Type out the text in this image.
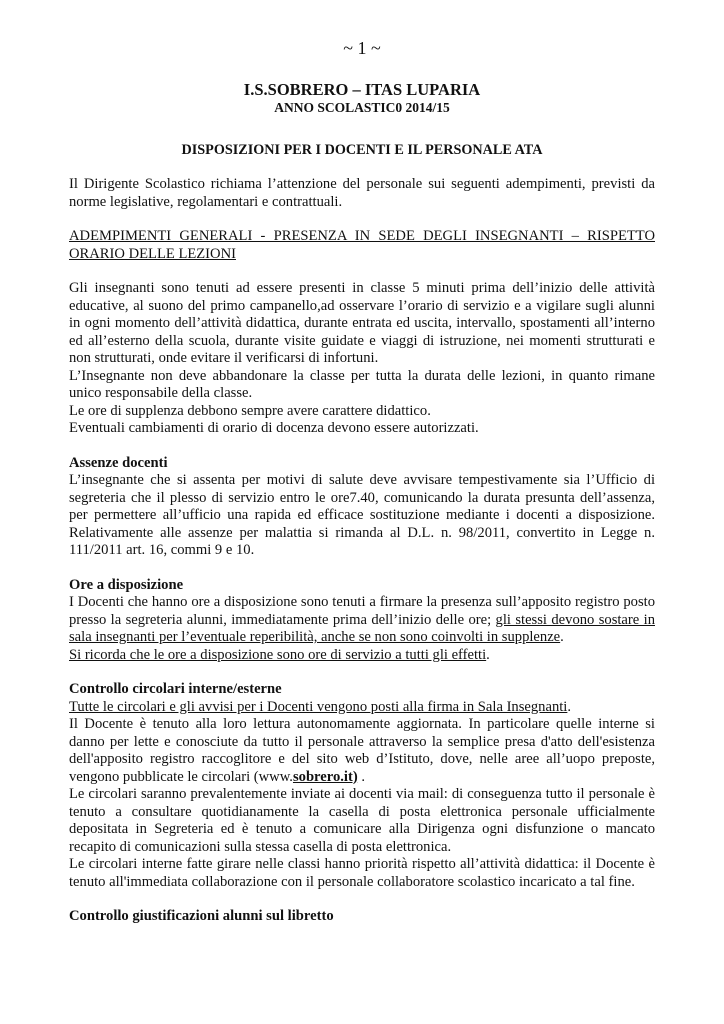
~ 1 ~
I.S.SOBRERO – ITAS LUPARIA
ANNO SCOLASTIC0 2014/15
DISPOSIZIONI PER I DOCENTI E IL PERSONALE ATA

Il Dirigente Scolastico richiama l’attenzione del personale sui seguenti adempimenti, previsti da norme legislative, regolamentari e contrattuali.

ADEMPIMENTI GENERALI - PRESENZA IN SEDE DEGLI INSEGNANTI – RISPETTO

ORARIO DELLE LEZIONI

Gli insegnanti sono tenuti ad essere presenti in classe 5 minuti prima dell’inizio delle attività educative, al suono del primo campanello,ad osservare l’orario di servizio e a vigilare sugli alunni in ogni momento dell’attività didattica, durante entrata ed uscita, intervallo, spostamenti all’interno ed all’esterno della scuola, durante visite guidate e viaggi di istruzione, nei momenti strutturati e non strutturati, onde evitare il verificarsi di infortuni.

L’Insegnante non deve abbandonare la classe per tutta la durata delle lezioni, in quanto rimane unico responsabile della classe.

Le ore di supplenza debbono sempre avere carattere didattico.

Eventuali cambiamenti di orario di docenza devono essere autorizzati.

Assenze docenti

L’insegnante che si assenta per motivi di salute deve avvisare tempestivamente sia l’Ufficio di segreteria che il plesso di servizio entro le ore7.40, comunicando la durata presunta dell’assenza, per permettere all’ufficio una rapida ed efficace sostituzione mediante i docenti a disposizione. Relativamente alle assenze per malattia si rimanda al D.L. n. 98/2011, convertito in Legge n. 111/2011 art. 16, commi 9 e 10.

Ore a disposizione

I Docenti che hanno ore a disposizione sono tenuti a firmare la presenza sull’apposito registro posto presso la segreteria alunni, immediatamente prima dell’inizio delle ore; gli stessi devono sostare in sala insegnanti per l’eventuale reperibilità, anche se non sono coinvolti in supplenze.

Si ricorda che le ore a disposizione sono ore di servizio a tutti gli effetti.

Controllo circolari interne/esterne

Tutte le circolari e gli avvisi per i Docenti vengono posti alla firma in Sala Insegnanti.

Il Docente è tenuto alla loro lettura autonomamente aggiornata. In particolare quelle interne si danno per lette e conosciute da tutto il personale attraverso la semplice presa d'atto dell'esistenza dell'apposito registro raccoglitore e del sito web d’Istituto, dove, nelle aree all’uopo preposte, vengono pubblicate le circolari (www.sobrero.it) .

Le circolari saranno prevalentemente inviate ai docenti via mail: di conseguenza tutto il personale è tenuto a consultare quotidianamente la casella di posta elettronica personale ufficialmente depositata in Segreteria ed è tenuto a comunicare alla Dirigenza ogni disfunzione o mancato recapito di comunicazioni sulla stessa casella di posta elettronica.

Le circolari interne fatte girare nelle classi hanno priorità rispetto all’attività didattica: il Docente è tenuto all'immediata collaborazione con il personale collaboratore scolastico incaricato a tal fine.

Controllo giustificazioni alunni sul libretto
